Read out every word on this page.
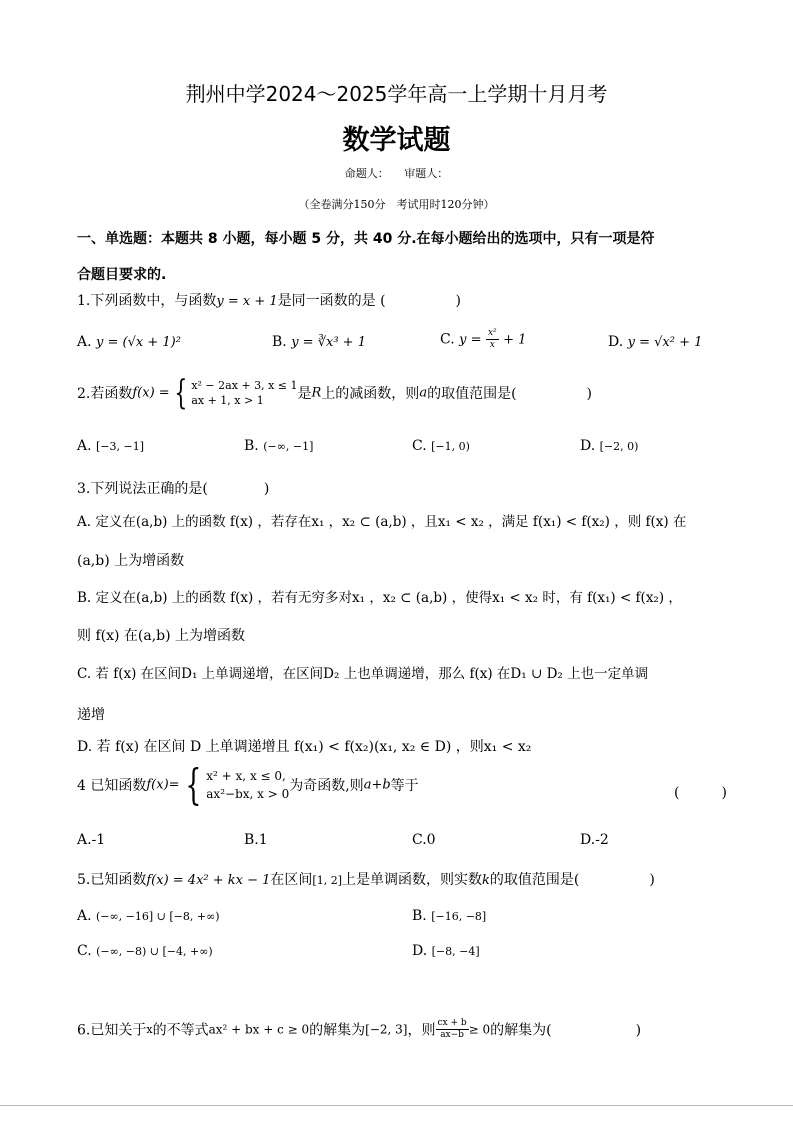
荆州中学2024～2025学年高一上学期十月月考
数学试题
命题人： 审题人：
（全卷满分150分　考试用时120分钟）
一、单选题：本题共 8 小题，每小题 5 分，共 40 分.在每小题给出的选项中，只有一项是符
合题目要求的.
1.下列函数中，与函数y = x + 1是同一函数的是 (　　　　　)
A. y = (√x + 1)²	B. y = ∛x³ + 1	C. $y = \frac{\text{x²}}{x} + 1$	D. y = √x² + 1
2.若函数f(x) = { x² − 2ax + 3, x ≤ 1
ax + 1, x > 1	是R上的减函数，则a的取值范围是(　　　　　)
A. [−3, −1]	B. (−∞, −1]	C. [−1, 0)	D. [−2, 0)
3.下列说法正确的是(　　　　)
A. 定义在(a,b) 上的函数 f(x) ，若存在x₁ ，x₂ ⊂ (a,b) ，且x₁ < x₂ ，满足 f(x₁) < f(x₂) ，则 f(x) 在
(a,b) 上为增函数
B. 定义在(a,b) 上的函数 f(x) ，若有无穷多对x₁ ，x₂ ⊂ (a,b) ，使得x₁ < x₂ 时，有 f(x₁) < f(x₂) ，
则 f(x) 在(a,b) 上为增函数
C. 若 f(x) 在区间D₁ 上单调递增，在区间D₂ 上也单调递增，那么 f(x) 在D₁ ∪ D₂ 上也一定单调
递增
D. 若 f(x) 在区间 D 上单调递增且 f(x₁) < f(x₂)(x₁, x₂ ∈ D) ，则x₁ < x₂
4 已知函数f(x)= { x² + x, x ≤ 0,
ax²−bx, x > 0 为奇函数,则a+b等于	(　　　)
A.-1	B.1	C.0	D.-2
5.已知函数f(x) = 4x² + kx − 1在区间[1, 2]上是单调函数，则实数k的取值范围是(　　　　　)
A. (−∞, −16] ∪ [−8, +∞)	B. [−16, −8]
C. (−∞, −8) ∪ [−4, +∞)	D. [−8, −4]
6.已知关于x的不等式ax² + bx + c ≥ 0的解集为[−2, 3]，则 $\frac{cx + b}{ax-b} \ge 0$的解集为(　　　　　　)
